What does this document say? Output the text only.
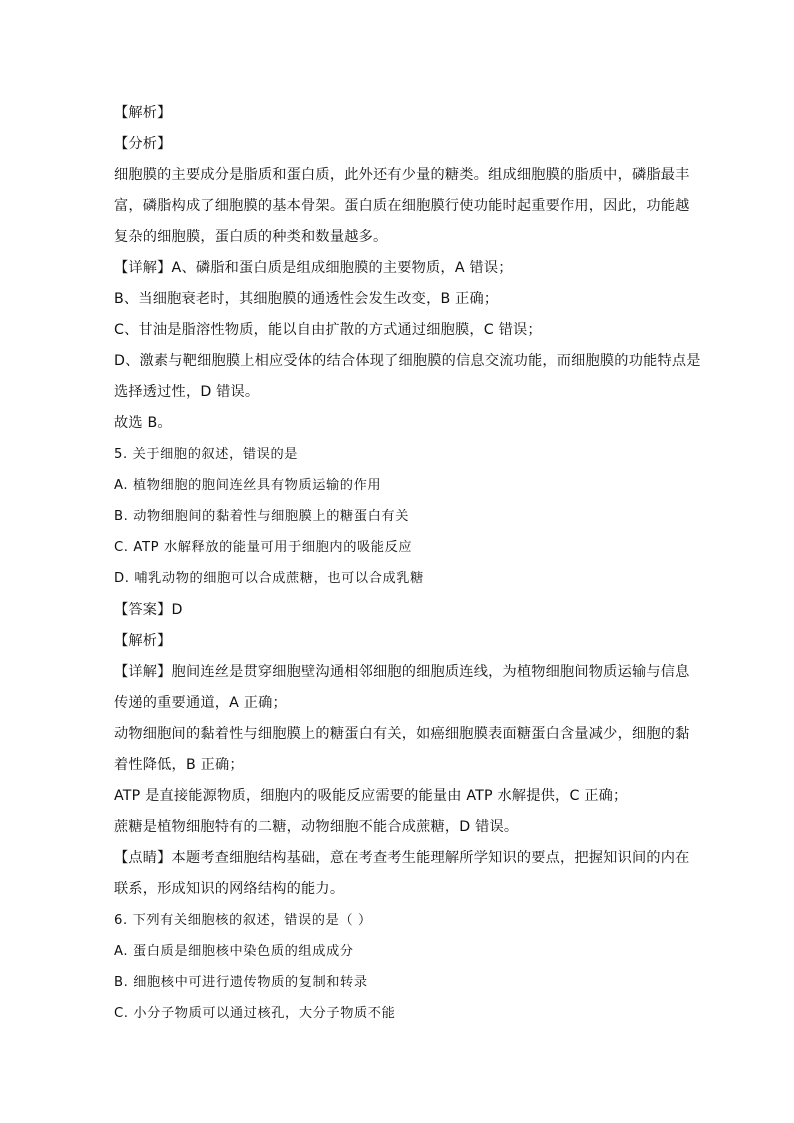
【解析】
【分析】
细胞膜的主要成分是脂质和蛋白质，此外还有少量的糖类。组成细胞膜的脂质中，磷脂最丰
富，磷脂构成了细胞膜的基本骨架。蛋白质在细胞膜行使功能时起重要作用，因此，功能越
复杂的细胞膜，蛋白质的种类和数量越多。
【详解】A、磷脂和蛋白质是组成细胞膜的主要物质，A 错误；
B、当细胞衰老时，其细胞膜的通透性会发生改变，B 正确；
C、甘油是脂溶性物质，能以自由扩散的方式通过细胞膜，C 错误；
D、激素与靶细胞膜上相应受体的结合体现了细胞膜的信息交流功能，而细胞膜的功能特点是
选择透过性，D 错误。
故选 B。
5. 关于细胞的叙述，错误的是
A. 植物细胞的胞间连丝具有物质运输的作用
B. 动物细胞间的黏着性与细胞膜上的糖蛋白有关
C. ATP 水解释放的能量可用于细胞内的吸能反应
D. 哺乳动物的细胞可以合成蔗糖，也可以合成乳糖
【答案】D
【解析】
【详解】胞间连丝是贯穿细胞壁沟通相邻细胞的细胞质连线，为植物细胞间物质运输与信息
传递的重要通道，A 正确；
动物细胞间的黏着性与细胞膜上的糖蛋白有关，如癌细胞膜表面糖蛋白含量减少，细胞的黏
着性降低，B 正确；
ATP 是直接能源物质，细胞内的吸能反应需要的能量由 ATP 水解提供，C 正确；
蔗糖是植物细胞特有的二糖，动物细胞不能合成蔗糖，D 错误。
【点睛】本题考查细胞结构基础，意在考查考生能理解所学知识的要点，把握知识间的内在
联系，形成知识的网络结构的能力。
6. 下列有关细胞核的叙述，错误的是（ ）
A. 蛋白质是细胞核中染色质的组成成分
B. 细胞核中可进行遗传物质的复制和转录
C. 小分子物质可以通过核孔，大分子物质不能
